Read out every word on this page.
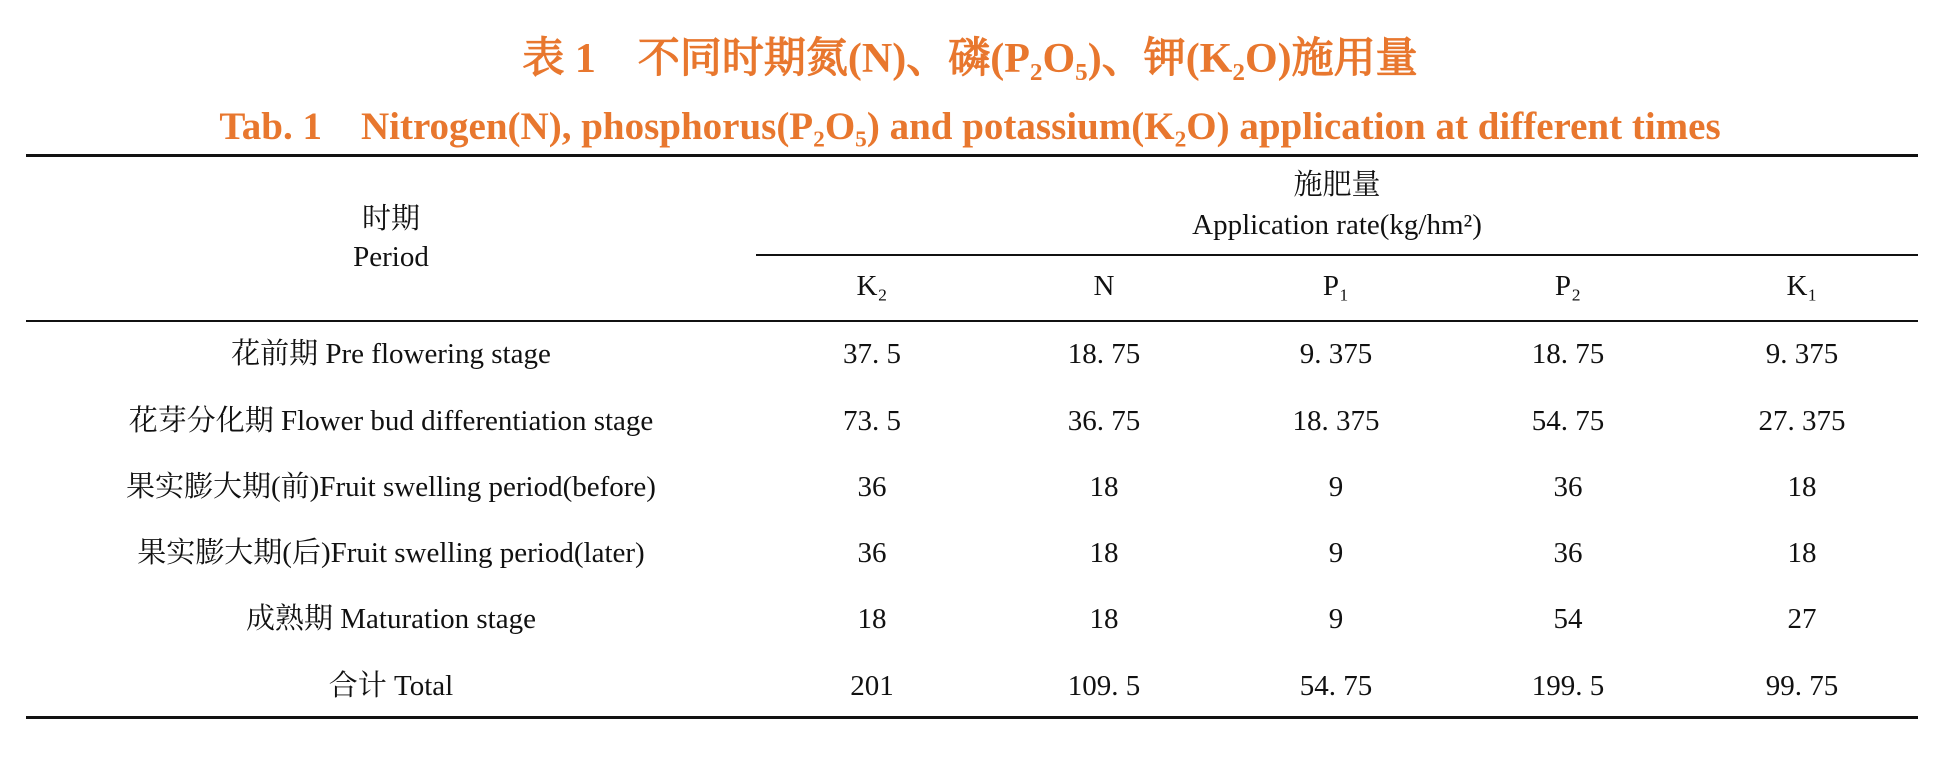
表 1　不同时期氮(N)、磷(P₂O₅)、钾(K₂O)施用量
Tab. 1　Nitrogen(N), phosphorus(P₂O₅) and potassium(K₂O) application at different times
时期
Period
施肥量
Application rate(kg/hm²)
K₂	N	P₁	P₂	K₁
花前期 Pre flowering stage	37. 5	18. 75	9. 375	18. 75	9. 375
花芽分化期 Flower bud differentiation stage	73. 5	36. 75	18. 375	54. 75	27. 375
果实膨大期(前)Fruit swelling period(before)	36	18	9	36	18
果实膨大期(后)Fruit swelling period(later)	36	18	9	36	18
成熟期 Maturation stage	18	18	9	54	27
合计 Total	201	109. 5	54. 75	199. 5	99. 75
